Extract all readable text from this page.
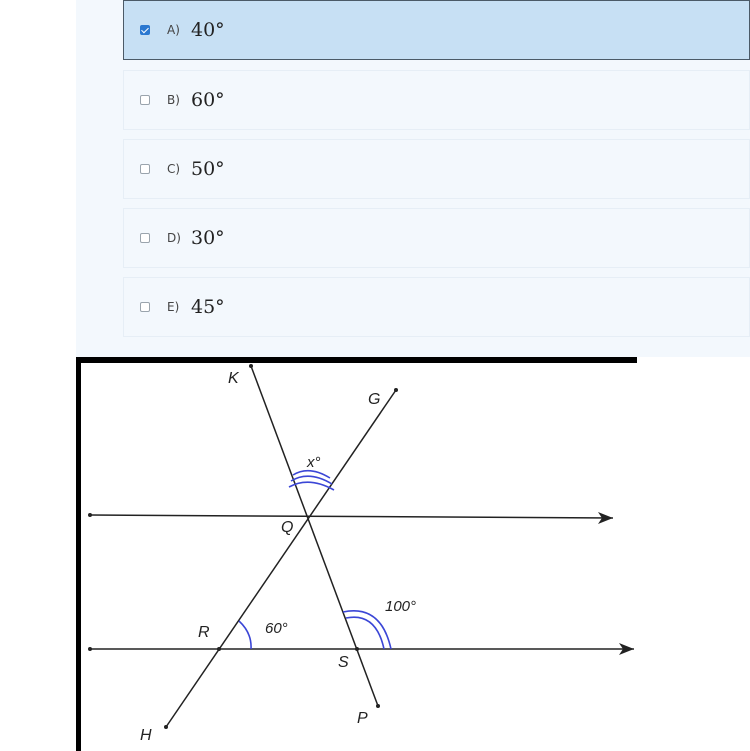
A) 40°
B) 60°
C) 50°
D) 30°
E) 45°
K
G
Q
R
S
H
P
x°
60°
100°
